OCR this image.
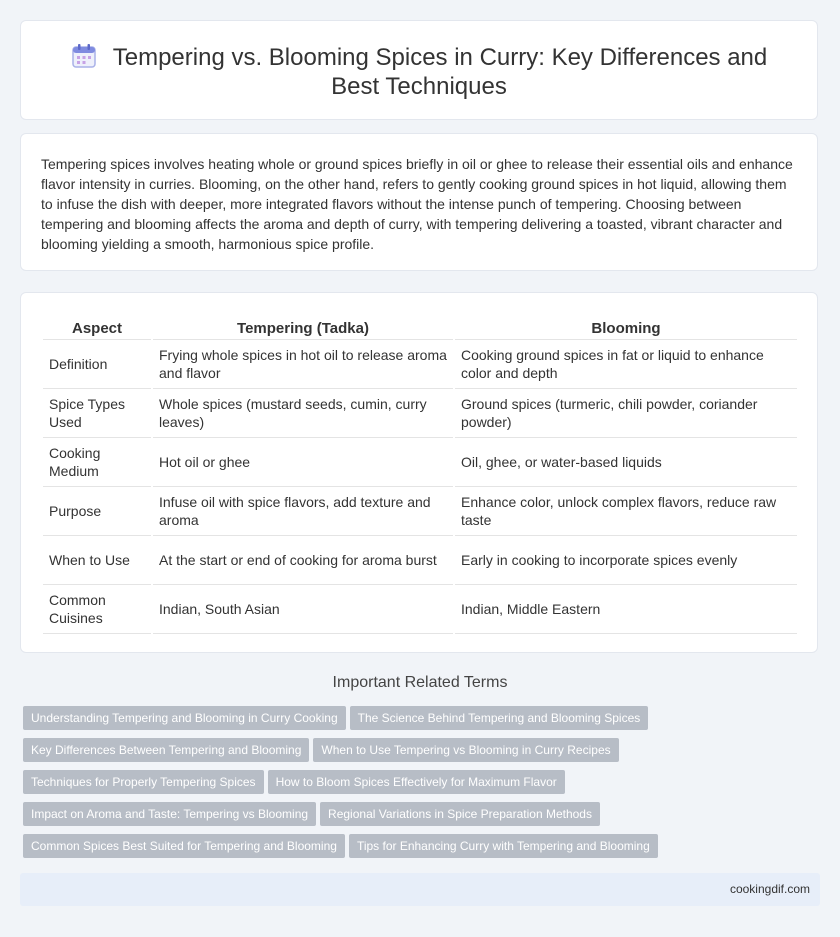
Tempering vs. Blooming Spices in Curry: Key Differences and Best Techniques
Tempering spices involves heating whole or ground spices briefly in oil or ghee to release their essential oils and enhance flavor intensity in curries. Blooming, on the other hand, refers to gently cooking ground spices in hot liquid, allowing them to infuse the dish with deeper, more integrated flavors without the intense punch of tempering. Choosing between tempering and blooming affects the aroma and depth of curry, with tempering delivering a toasted, vibrant character and blooming yielding a smooth, harmonious spice profile.
Aspect	Tempering (Tadka)	Blooming
Definition	Frying whole spices in hot oil to release aroma and flavor	Cooking ground spices in fat or liquid to enhance color and depth
Spice Types Used	Whole spices (mustard seeds, cumin, curry leaves)	Ground spices (turmeric, chili powder, coriander powder)
Cooking Medium	Hot oil or ghee	Oil, ghee, or water-based liquids
Purpose	Infuse oil with spice flavors, add texture and aroma	Enhance color, unlock complex flavors, reduce raw taste
When to Use	At the start or end of cooking for aroma burst	Early in cooking to incorporate spices evenly
Common Cuisines	Indian, South Asian	Indian, Middle Eastern
Important Related Terms
Understanding Tempering and Blooming in Curry Cooking The Science Behind Tempering and Blooming Spices
Key Differences Between Tempering and Blooming When to Use Tempering vs Blooming in Curry Recipes
Techniques for Properly Tempering Spices How to Bloom Spices Effectively for Maximum Flavor
Impact on Aroma and Taste: Tempering vs Blooming Regional Variations in Spice Preparation Methods
Common Spices Best Suited for Tempering and Blooming Tips for Enhancing Curry with Tempering and Blooming
cookingdif.com
